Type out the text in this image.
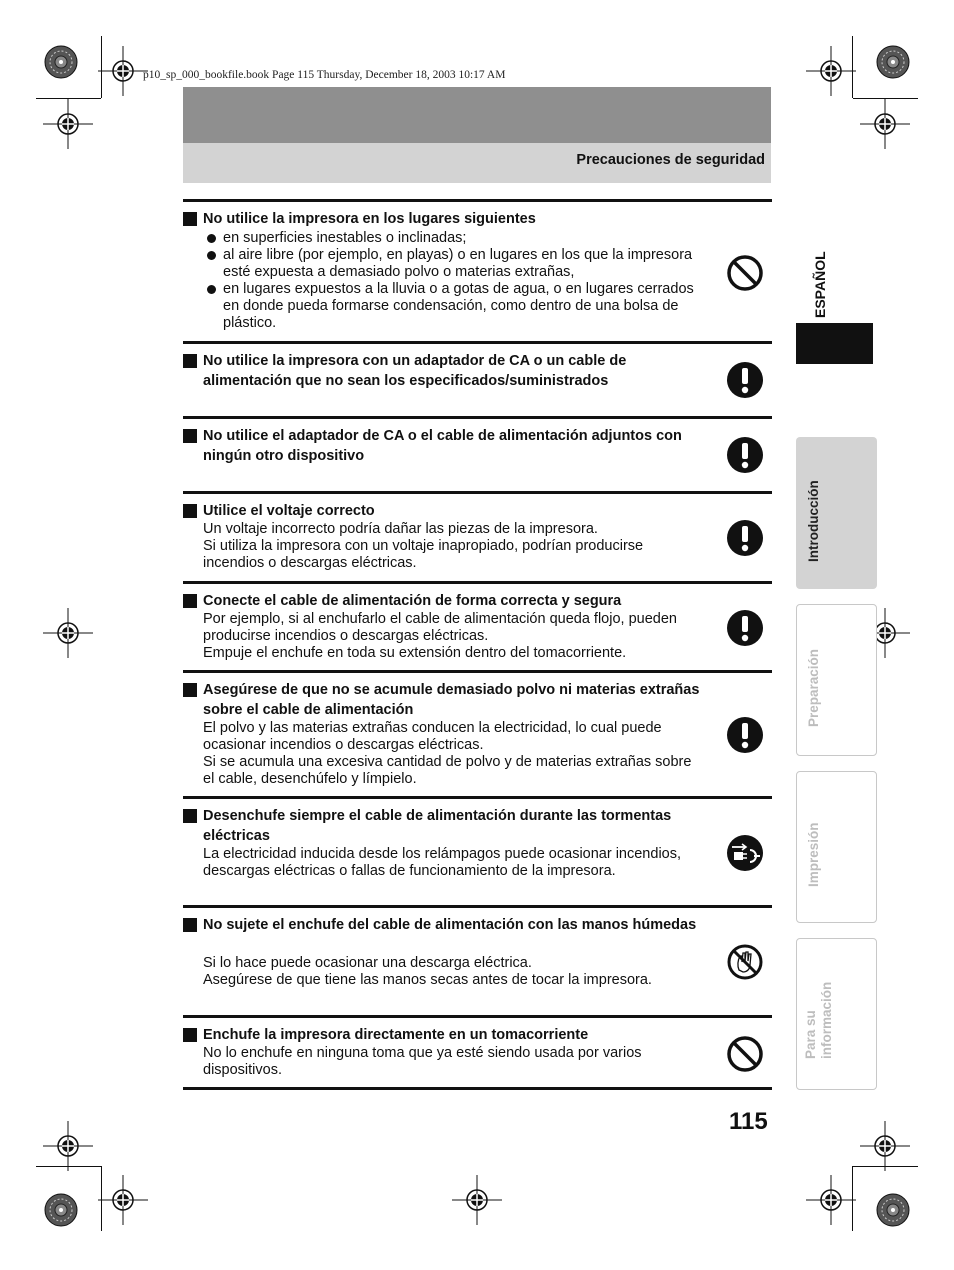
p10_sp_000_bookfile.book Page 115 Thursday, December 18, 2003 10:17 AM
Precauciones de seguridad
No utilice la impresora en los lugares siguientes
en superficies inestables o inclinadas;
al aire libre (por ejemplo, en playas) o en lugares en los que la impresora esté expuesta a demasiado polvo o materias extrañas,
en lugares expuestos a la lluvia o a gotas de agua, o en lugares cerrados en donde pueda formarse condensación, como dentro de una bolsa de plástico.
No utilice la impresora con un adaptador de CA o un cable de alimentación que no sean los especificados/suministrados
No utilice el adaptador de CA o el cable de alimentación adjuntos con ningún otro dispositivo
Utilice el voltaje correcto
Un voltaje incorrecto podría dañar las piezas de la impresora.
Si utiliza la impresora con un voltaje inapropiado, podrían producirse incendios o descargas eléctricas.
Conecte el cable de alimentación de forma correcta y segura
Por ejemplo, si al enchufarlo el cable de alimentación queda flojo, pueden producirse incendios o descargas eléctricas.
Empuje el enchufe en toda su extensión dentro del tomacorriente.
Asegúrese de que no se acumule demasiado polvo ni materias extrañas sobre el cable de alimentación
El polvo y las materias extrañas conducen la electricidad, lo cual puede ocasionar incendios o descargas eléctricas.
Si se acumula una excesiva cantidad de polvo y de materias extrañas sobre el cable, desenchúfelo y límpielo.
Desenchufe siempre el cable de alimentación durante las tormentas eléctricas
La electricidad inducida desde los relámpagos puede ocasionar incendios, descargas eléctricas o fallas de funcionamiento de la impresora.
No sujete el enchufe del cable de alimentación con las manos húmedas
Si lo hace puede ocasionar una descarga eléctrica.
Asegúrese de que tiene las manos secas antes de tocar la impresora.
Enchufe la impresora directamente en un tomacorriente
No lo enchufe en ninguna toma que ya esté siendo usada por varios dispositivos.
115
ESPAÑOL
Introducción
Preparación
Impresión
Para su información
